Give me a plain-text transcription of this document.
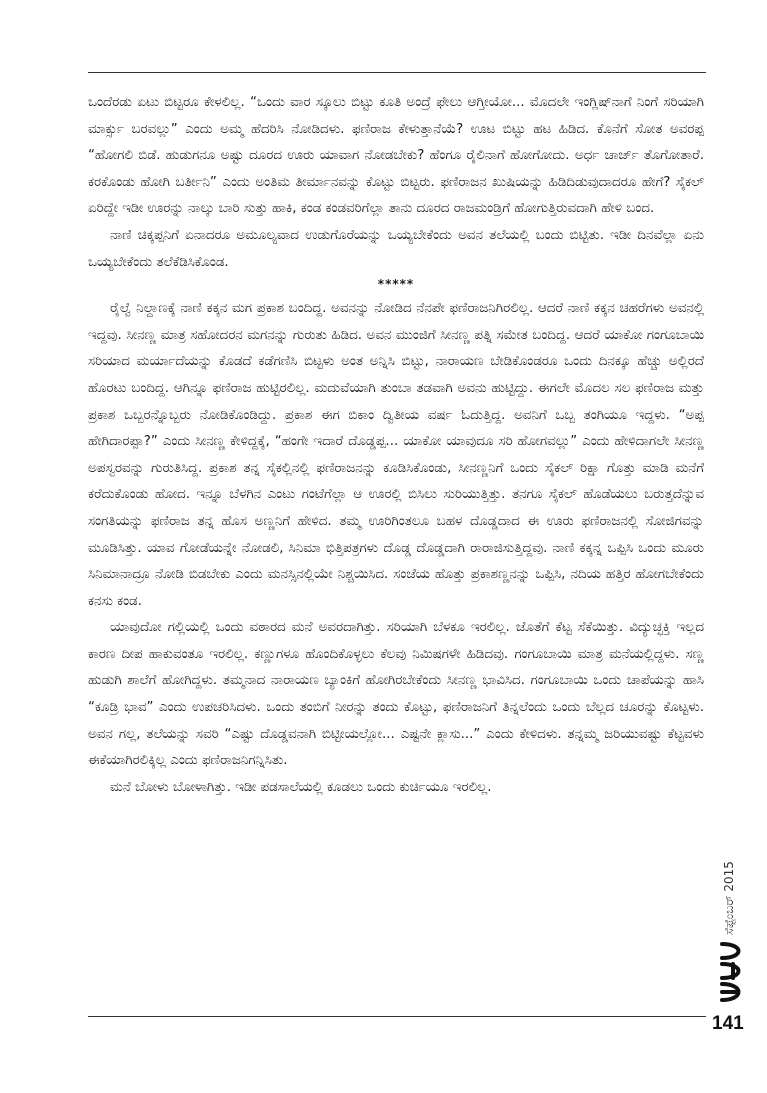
ಒಂದೆರಡು ಏಟು ಬಿಟ್ಟರೂ ಕೇಳಲಿಲ್ಲ. “ಒಂದು ವಾರ ಸ್ಕೂಲು ಬಿಟ್ಟು ಕೂತಿ ಅಂದ್ರೆ ಫೇಲು ಆಗ್ತೀಯೋ... ಮೊದಲೇ ಇಂಗ್ಲಿಷ್‌ನಾಗೆ ನಿಂಗೆ ಸರಿಯಾಗಿ ಮಾರ್ಕ್ಸು ಬರವಲ್ಲು” ಎಂದು ಅಮ್ಮ ಹೆದರಿಸಿ ನೋಡಿದಳು. ಫಣಿರಾಜ ಕೇಳುತ್ತಾನೆಯೆ? ಊಟ ಬಿಟ್ಟು ಹಟ ಹಿಡಿದ. ಕೊನೆಗೆ ಸೋತ ಅವರಪ್ಪ “ಹೋಗಲಿ ಬಿಡೆ. ಹುಡುಗನೂ ಅಷ್ಟು ದೂರದ ಊರು ಯಾವಾಗ ನೋಡಬೇಕು? ಹೆಂಗೂ ರೈಲಿನಾಗೆ ಹೋಗೋದು. ಅರ್ಧ ಚಾರ್ಜ್ ತೊಗೋತಾರೆ. ಕರಕೊಂಡು ಹೋಗಿ ಬರ್ತೀನಿ” ಎಂದು ಅಂತಿಮ ತೀರ್ಮಾನವನ್ನು ಕೊಟ್ಟು ಬಿಟ್ಟರು. ಫಣಿರಾಜನ ಖುಷಿಯನ್ನು ಹಿಡಿದಿಡುವುದಾದರೂ ಹೇಗೆ? ಸೈಕಲ್ ಏರಿದ್ದೇ ಇಡೀ ಊರನ್ನು ನಾಲ್ಕು ಬಾರಿ ಸುತ್ತು ಹಾಕಿ, ಕಂಡ ಕಂಡವರಿಗೆಲ್ಲಾ ತಾನು ದೂರದ ರಾಜಮಂಡ್ರಿಗೆ ಹೋಗುತ್ತಿರುವದಾಗಿ ಹೇಳಿ ಬಂದ.

ನಾಣಿ ಚಿಕ್ಕಪ್ಪನಿಗೆ ಏನಾದರೂ ಅಮೂಲ್ಯವಾದ ಉಡುಗೊರೆಯನ್ನು ಒಯ್ಯಬೇಕೆಂದು ಅವನ ತಲೆಯಲ್ಲಿ ಬಂದು ಬಿಟ್ಟಿತು. ಇಡೀ ದಿನವೆಲ್ಲಾ ಏನು ಒಯ್ಯಬೇಕೆಂದು ತಲೆಕೆಡಿಸಿಕೊಂಡ.

*****

ರೈಲ್ವೆ ನಿಲ್ದಾಣಕ್ಕೆ ನಾಣಿ ಕಕ್ಕನ ಮಗ ಪ್ರಕಾಶ ಬಂದಿದ್ದ. ಅವನನ್ನು ನೋಡಿದ ನೆನಪೇ ಫಣಿರಾಜನಿಗಿರಲಿಲ್ಲ. ಆದರೆ ನಾಣಿ ಕಕ್ಕನ ಚಹರೆಗಳು ಅವನಲ್ಲಿ ಇದ್ದವು. ಸೀನಣ್ಣ ಮಾತ್ರ ಸಹೋದರನ ಮಗನನ್ನು ಗುರುತು ಹಿಡಿದ. ಅವನ ಮುಂಜಿಗೆ ಸೀನಣ್ಣ ಪತ್ನಿ ಸಮೇತ ಬಂದಿದ್ದ. ಆದರೆ ಯಾಕೋ ಗಂಗೂಬಾಯಿ ಸರಿಯಾದ ಮರ್ಯಾದೆಯನ್ನು ಕೊಡದೆ ಕಡೆಗಣಿಸಿ ಬಿಟ್ಟಳು ಅಂತ ಅನ್ನಿಸಿ ಬಿಟ್ಟು, ನಾರಾಯಣ ಬೇಡಿಕೊಂಡರೂ ಒಂದು ದಿನಕ್ಕೂ ಹೆಚ್ಚು ಅಲ್ಲಿರದೆ ಹೊರಟು ಬಂದಿದ್ದ. ಆಗಿನ್ನೂ ಫಣಿರಾಜ ಹುಟ್ಟಿರಲಿಲ್ಲ. ಮದುವೆಯಾಗಿ ತುಂಬಾ ತಡವಾಗಿ ಅವನು ಹುಟ್ಟಿದ್ದು. ಈಗಲೇ ಮೊದಲ ಸಲ ಫಣಿರಾಜ ಮತ್ತು ಪ್ರಕಾಶ ಒಬ್ಬರನ್ನೊಬ್ಬರು ನೋಡಿಕೊಂಡಿದ್ದು. ಪ್ರಕಾಶ ಈಗ ಬಿಕಾಂ ದ್ವಿತೀಯ ವರ್ಷ ಓದುತ್ತಿದ್ದ. ಅವನಿಗೆ ಒಬ್ಬ ತಂಗಿಯೂ ಇದ್ದಳು. “ಅಪ್ಪ ಹೇಗಿದಾರಪ್ಪಾ?” ಎಂದು ಸೀನಣ್ಣ ಕೇಳಿದ್ದಕ್ಕೆ, “ಹಂಗೇ ಇದಾರೆ ದೊಡ್ಡಪ್ಪ... ಯಾಕೋ ಯಾವುದೂ ಸರಿ ಹೋಗವಲ್ಲು” ಎಂದು ಹೇಳಿದಾಗಲೇ ಸೀನಣ್ಣ ಅಪಸ್ವರವನ್ನು ಗುರುತಿಸಿದ್ದ. ಪ್ರಕಾಶ ತನ್ನ ಸೈಕಲ್ಲಿನಲ್ಲಿ ಫಣಿರಾಜನನ್ನು ಕೂಡಿಸಿಕೊಂಡು, ಸೀನಣ್ಣನಿಗೆ ಒಂದು ಸೈಕಲ್ ರಿಕ್ಷಾ ಗೊತ್ತು ಮಾಡಿ ಮನೆಗೆ ಕರೆದುಕೊಂಡು ಹೋದ. ಇನ್ನೂ ಬೆಳಗಿನ ಎಂಟು ಗಂಟೆಗೆಲ್ಲಾ ಆ ಊರಲ್ಲಿ ಬಿಸಿಲು ಸುರಿಯುತ್ತಿತ್ತು. ತನಗೂ ಸೈಕಲ್ ಹೊಡೆಯಲು ಬರುತ್ತದೆನ್ನುವ ಸಂಗತಿಯನ್ನು ಫಣಿರಾಜ ತನ್ನ ಹೊಸ ಅಣ್ಣನಿಗೆ ಹೇಳಿದ. ತಮ್ಮ ಊರಿಗಿಂತಲೂ ಬಹಳ ದೊಡ್ಡದಾದ ಈ ಊರು ಫಣಿರಾಜನಲ್ಲಿ ಸೋಜಿಗವನ್ನು ಮೂಡಿಸಿತ್ತು. ಯಾವ ಗೋಡೆಯನ್ನೇ ನೋಡಲಿ, ಸಿನಿಮಾ ಭಿತ್ತಿಪತ್ರಗಳು ದೊಡ್ಡ ದೊಡ್ಡದಾಗಿ ರಾರಾಜಿಸುತ್ತಿದ್ದವು. ನಾಣಿ ಕಕ್ಕನ್ನ ಒಪ್ಪಿಸಿ ಒಂದು ಮೂರು ಸಿನಿಮಾನಾದ್ರೂ ನೋಡಿ ಬಿಡಬೇಕು ಎಂದು ಮನಸ್ಸಿನಲ್ಲಿಯೇ ನಿಶ್ಚಯಿಸಿದ. ಸಂಜೆಯ ಹೊತ್ತು ಪ್ರಕಾಶಣ್ಣನನ್ನು ಒಪ್ಪಿಸಿ, ನದಿಯ ಹತ್ತಿರ ಹೋಗಬೇಕೆಂದು ಕನಸು ಕಂಡ.

ಯಾವುದೋ ಗಲ್ಲಿಯಲ್ಲಿ ಒಂದು ವಠಾರದ ಮನೆ ಅವರದಾಗಿತ್ತು. ಸರಿಯಾಗಿ ಬೆಳಕೂ ಇರಲಿಲ್ಲ. ಜೊತೆಗೆ ಕೆಟ್ಟ ಸೆಕೆಯಿತ್ತು. ವಿದ್ಯುಚ್ಛಕ್ತಿ ಇಲ್ಲದ ಕಾರಣ ದೀಪ ಹಾಕುವಂತೂ ಇರಲಿಲ್ಲ. ಕಣ್ಣುಗಳೂ ಹೊಂದಿಕೊಳ್ಳಲು ಕೆಲವು ನಿಮಿಷಗಳೇ ಹಿಡಿದವು. ಗಂಗೂಬಾಯಿ ಮಾತ್ರ ಮನೆಯಲ್ಲಿದ್ದಳು. ಸಣ್ಣ ಹುಡುಗಿ ಶಾಲೆಗೆ ಹೋಗಿದ್ದಳು. ತಮ್ಮನಾದ ನಾರಾಯಣ ಬ್ಯಾಂಕಿಗೆ ಹೋಗಿರಬೇಕೆಂದು ಸೀನಣ್ಣ ಭಾವಿಸಿದ. ಗಂಗೂಬಾಯಿ ಒಂದು ಚಾಪೆಯನ್ನು ಹಾಸಿ “ಕೂಡ್ರಿ ಭಾವ” ಎಂದು ಉಪಚರಿಸಿದಳು. ಒಂದು ತಂಬಿಗೆ ನೀರನ್ನು ತಂದು ಕೊಟ್ಟು, ಫಣಿರಾಜನಿಗೆ ತಿನ್ನಲೆಂದು ಒಂದು ಬೆಲ್ಲದ ಚೂರನ್ನು ಕೊಟ್ಟಳು. ಅವನ ಗಲ್ಲ, ತಲೆಯನ್ನು ಸವರಿ “ಎಷ್ಟು ದೊಡ್ಡವನಾಗಿ ಬಿಟ್ಟೀಯಲ್ಲೋ... ಎಷ್ಟನೇ ಕ್ಲಾಸು...” ಎಂದು ಕೇಳಿದಳು. ತನ್ನಮ್ಮ ಜರಿಯುವಷ್ಟು ಕೆಟ್ಟವಳು ಈಕೆಯಾಗಿರಲಿಕ್ಕಿಲ್ಲ ಎಂದು ಫಣಿರಾಜನಿಗನ್ನಿಸಿತು.

ಮನೆ ಬೋಳು ಬೋಳಾಗಿತ್ತು. ಇಡೀ ಪಡಸಾಲೆಯಲ್ಲಿ ಕೂಡಲು ಒಂದು ಕುರ್ಚಿಯೂ ಇರಲಿಲ್ಲ.

ಸೆಪ್ಟೆಂಬರ್ 2015
141
